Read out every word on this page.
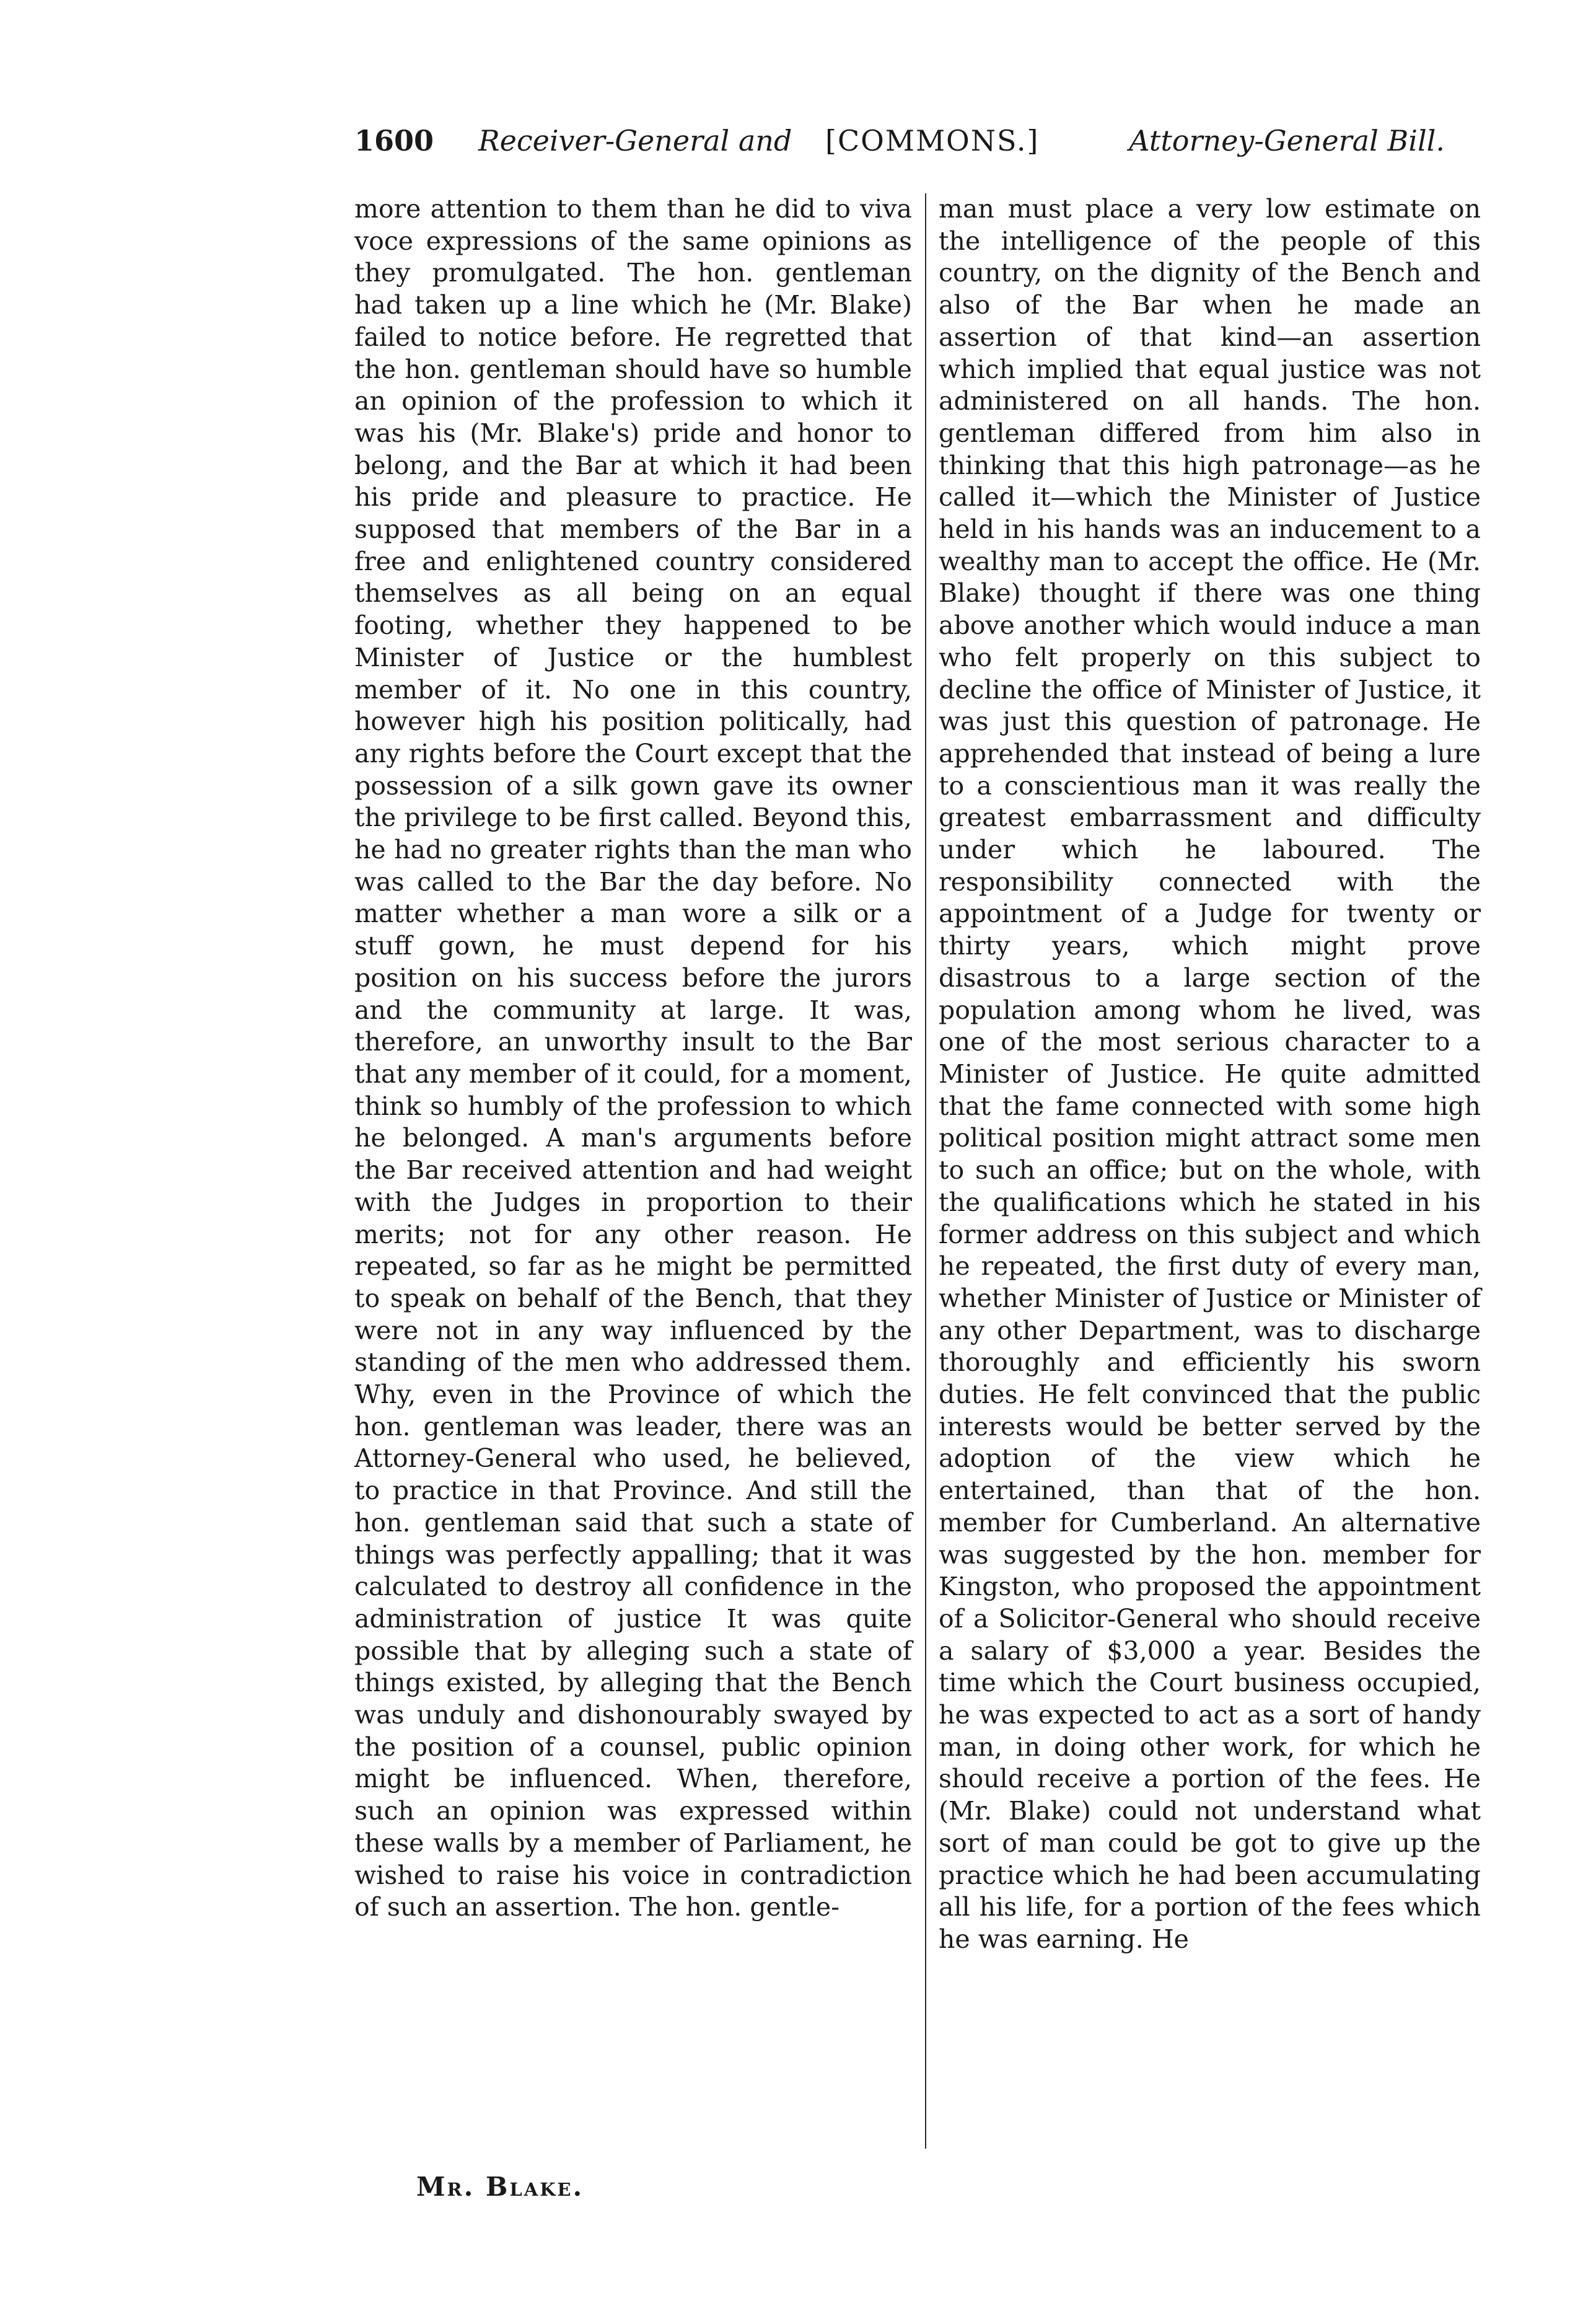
1600 Receiver-General and [COMMONS.]	Attorney-General Bill.
more attention to them than he did to viva voce expressions of the same opinions as they promulgated. The hon. gentleman had taken up a line which he (Mr. Blake) failed to notice before. He regretted that the hon. gentleman should have so humble an opinion of the profession to which it was his (Mr. Blake's) pride and honor to belong, and the Bar at which it had been his pride and pleasure to practice. He supposed that members of the Bar in a free and enlightened country considered themselves as all being on an equal footing, whether they happened to be Minister of Justice or the humblest member of it. No one in this country, however high his position politically, had any rights before the Court except that the possession of a silk gown gave its owner the privilege to be first called. Beyond this, he had no greater rights than the man who was called to the Bar the day before. No matter whether a man wore a silk or a stuff gown, he must depend for his position on his success before the jurors and the community at large. It was, therefore, an unworthy insult to the Bar that any member of it could, for a moment, think so humbly of the profession to which he belonged. A man's arguments before the Bar received attention and had weight with the Judges in proportion to their merits; not for any other reason. He repeated, so far as he might be permitted to speak on behalf of the Bench, that they were not in any way influenced by the standing of the men who addressed them. Why, even in the Province of which the hon. gentleman was leader, there was an Attorney-General who used, he believed, to practice in that Province. And still the hon. gentleman said that such a state of things was perfectly appalling; that it was calculated to destroy all confidence in the administration of justice It was quite possible that by alleging such a state of things existed, by alleging that the Bench was unduly and dishonourably swayed by the position of a counsel, public opinion might be influenced. When, therefore, such an opinion was expressed within these walls by a member of Parliament, he wished to raise his voice in contradiction of such an assertion. The hon. gentle-
man must place a very low estimate on the intelligence of the people of this country, on the dignity of the Bench and also of the Bar when he made an assertion of that kind—an assertion which implied that equal justice was not administered on all hands. The hon. gentleman differed from him also in thinking that this high patronage—as he called it—which the Minister of Justice held in his hands was an inducement to a wealthy man to accept the office. He (Mr. Blake) thought if there was one thing above another which would induce a man who felt properly on this subject to decline the office of Minister of Justice, it was just this question of patronage. He apprehended that instead of being a lure to a conscientious man it was really the greatest embarrassment and difficulty under which he laboured. The responsibility connected with the appointment of a Judge for twenty or thirty years, which might prove disastrous to a large section of the population among whom he lived, was one of the most serious character to a Minister of Justice. He quite admitted that the fame connected with some high political position might attract some men to such an office; but on the whole, with the qualifications which he stated in his former address on this subject and which he repeated, the first duty of every man, whether Minister of Justice or Minister of any other Department, was to discharge thoroughly and efficiently his sworn duties. He felt convinced that the public interests would be better served by the adoption of the view which he entertained, than that of the hon. member for Cumberland. An alternative was suggested by the hon. member for Kingston, who proposed the appointment of a Solicitor-General who should receive a salary of $3,000 a year. Besides the time which the Court business occupied, he was expected to act as a sort of handy man, in doing other work, for which he should receive a portion of the fees. He (Mr. Blake) could not understand what sort of man could be got to give up the practice which he had been accumulating all his life, for a portion of the fees which he was earning. He
Mr. Blake.
